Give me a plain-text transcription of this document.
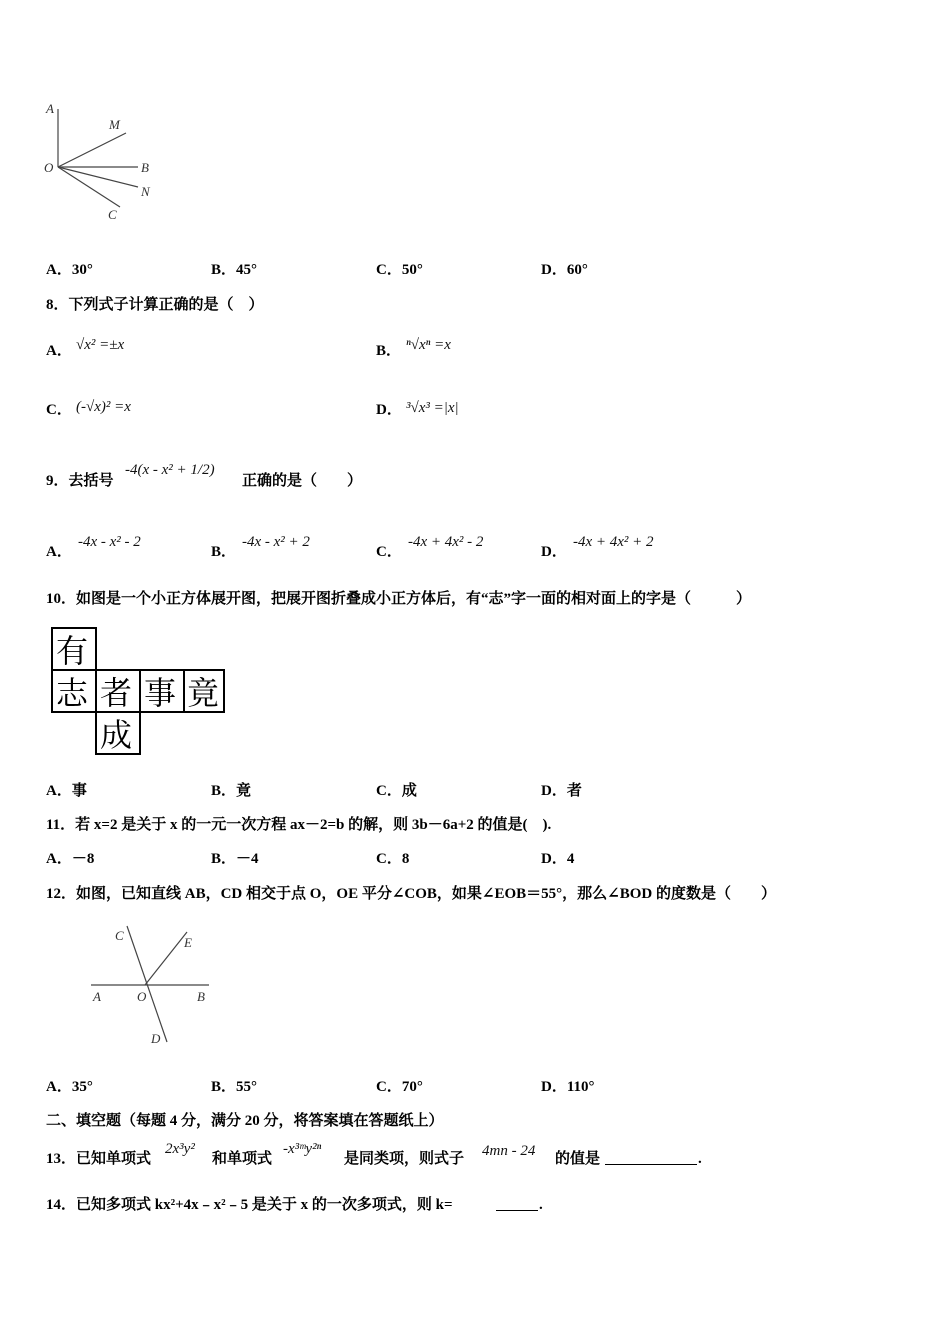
A
M
O	B
N
C
A．30°	B．45°	C．50°	D．60°
8．下列式子计算正确的是（　）
A． √x² =±x	B． ⁿ√xⁿ =x
C． (-√x)² =x	D． ³√x³ =|x|
9．去括号
-4(x - x² + 1/2)
正确的是（　　）
A．
-4x - x² - 2
B．
-4x - x² + 2
C．
-4x + 4x² - 2
D．
-4x + 4x² + 2
10．如图是一个小正方体展开图，把展开图折叠成小正方体后，有“志”字一面的相对面上的字是（　　　）
有
志 者 事 竟
成
A．事	B．竟	C．成	D．者
11．若 x=2 是关于 x 的一元一次方程 ax－2=b 的解，则 3b－6a+2 的值是(　).
A．－8	B．－4	C．8	D．4
12．如图，已知直线 AB，CD 相交于点 O，OE 平分∠COB，如果∠EOB＝55°，那么∠BOD 的度数是（　　）
C	E
A	O	B
D
A．35°	B．55°	C．70°	D．110°
二、填空题（每题 4 分，满分 20 分，将答案填在答题纸上）
13．已知单项式
2x³y²
和单项式
-x³ᵐy²ⁿ
是同类项，则式子 4mn - 24 的值是	.
14．已知多项式 kx²+4x﹣x²﹣5 是关于 x 的一次多项式，则 k=	.
